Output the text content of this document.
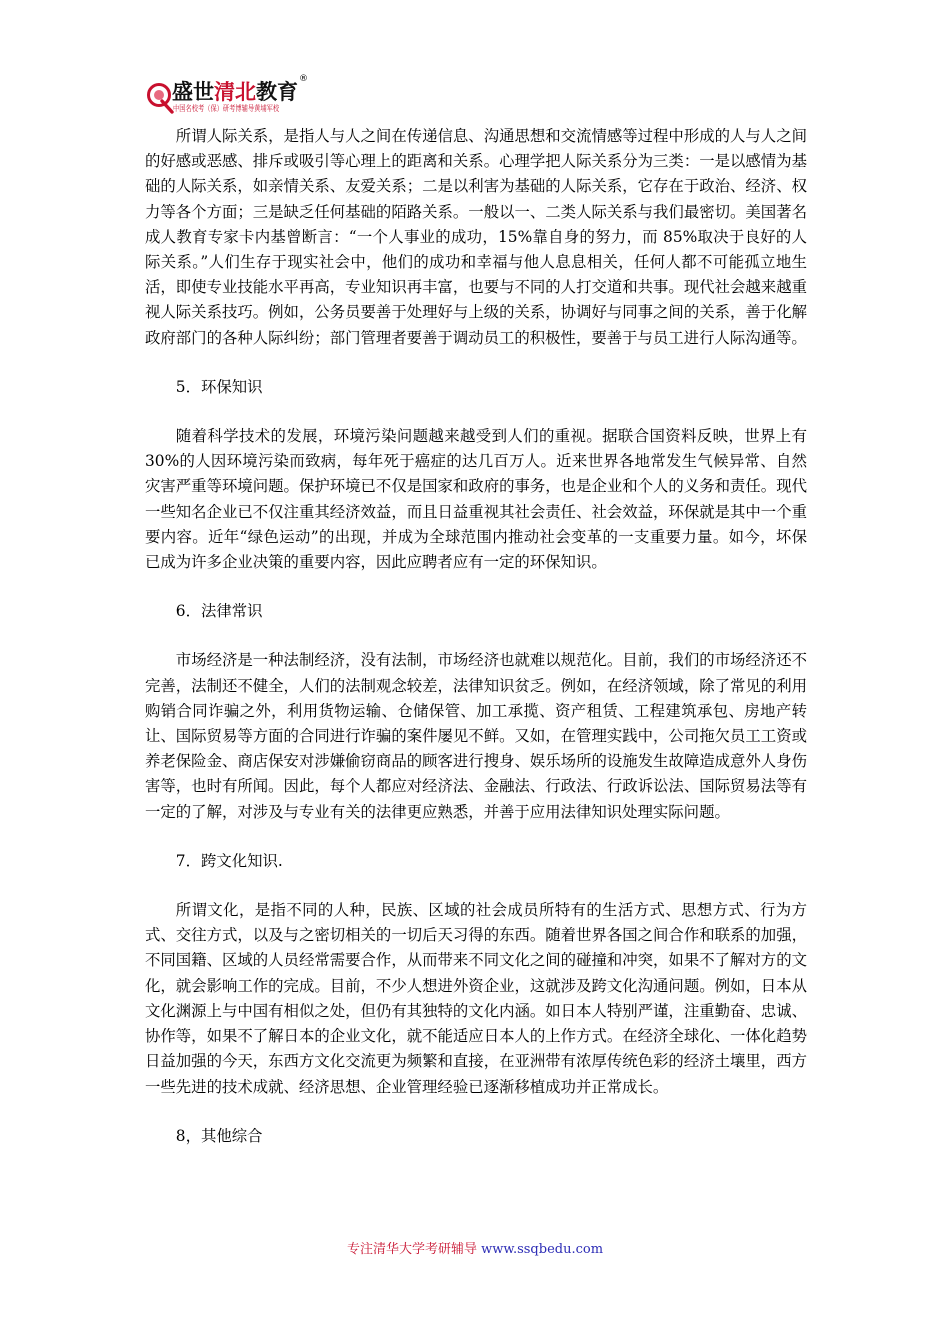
盛世清北教育
®
中国名校考（保）研考博辅导黄埔军校

所谓人际关系，是指人与人之间在传递信息、沟通思想和交流情感等过程中形成的人与人之间的好感或恶感、排斥或吸引等心理上的距离和关系。心理学把人际关系分为三类：一是以感情为基础的人际关系，如亲情关系、友爱关系；二是以利害为基础的人际关系，它存在于政治、经济、权力等各个方面；三是缺乏任何基础的陌路关系。一般以一、二类人际关系与我们最密切。美国著名成人教育专家卡内基曾断言：“一个人事业的成功，15%靠自身的努力，而 85%取决于良好的人际关系。”人们生存于现实社会中，他们的成功和幸福与他人息息相关，任何人都不可能孤立地生活，即使专业技能水平再高，专业知识再丰富，也要与不同的人打交道和共事。现代社会越来越重视人际关系技巧。例如，公务员要善于处理好与上级的关系，协调好与同事之间的关系，善于化解政府部门的各种人际纠纷；部门管理者要善于调动员工的积极性，要善于与员工进行人际沟通等。

5．环保知识

随着科学技术的发展，环境污染问题越来越受到人们的重视。据联合国资料反映，世界上有 30%的人因环境污染而致病，每年死于癌症的达几百万人。近来世界各地常发生气候异常、自然灾害严重等环境问题。保护环境已不仅是国家和政府的事务，也是企业和个人的义务和责任。现代一些知名企业已不仅注重其经济效益，而且日益重视其社会责任、社会效益，环保就是其中一个重要内容。近年“绿色运动”的出现，并成为全球范围内推动社会变革的一支重要力量。如今，坏保已成为许多企业决策的重要内容，因此应聘者应有一定的环保知识。

6．法律常识

市场经济是一种法制经济，没有法制，市场经济也就难以规范化。目前，我们的市场经济还不完善，法制还不健全，人们的法制观念较差，法律知识贫乏。例如，在经济领域，除了常见的利用购销合同诈骗之外，利用货物运输、仓储保管、加工承揽、资产租赁、工程建筑承包、房地产转让、国际贸易等方面的合同进行诈骗的案件屡见不鲜。又如，在管理实践中，公司拖欠员工工资或养老保险金、商店保安对涉嫌偷窃商品的顾客进行搜身、娱乐场所的设施发生故障造成意外人身伤害等，也时有所闻。因此，每个人都应对经济法、金融法、行政法、行政诉讼法、国际贸易法等有一定的了解，对涉及与专业有关的法律更应熟悉，并善于应用法律知识处理实际问题。

7．跨文化知识.

所谓文化，是指不同的人种，民族、区域的社会成员所特有的生活方式、思想方式、行为方式、交往方式，以及与之密切相关的一切后天习得的东西。随着世界各国之间合作和联系的加强，不同国籍、区域的人员经常需要合作，从而带来不同文化之间的碰撞和冲突，如果不了解对方的文化，就会影响工作的完成。目前，不少人想进外资企业，这就涉及跨文化沟通问题。例如，日本从文化渊源上与中国有相似之处，但仍有其独特的文化内涵。如日本人特别严谨，注重勤奋、忠诚、协作等，如果不了解日本的企业文化，就不能适应日本人的上作方式。在经济全球化、一体化趋势日益加强的今天，东西方文化交流更为频繁和直接，在亚洲带有浓厚传统色彩的经济土壤里，西方一些先进的技术成就、经济思想、企业管理经验已逐渐移植成功并正常成长。

8，其他综合

专注清华大学考研辅导 www.ssqbedu.com
